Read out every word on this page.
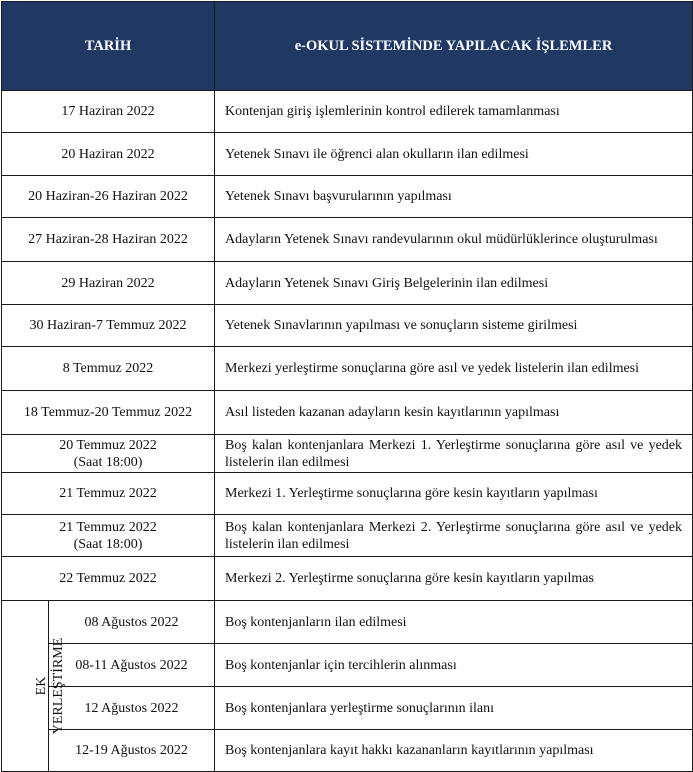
TARİH		e-OKUL SİSTEMİNDE YAPILACAK İŞLEMLER
17 Haziran 2022		Kontenjan giriş işlemlerinin kontrol edilerek tamamlanması
20 Haziran 2022		Yetenek Sınavı ile öğrenci alan okulların ilan edilmesi
20 Haziran-26 Haziran 2022		Yetenek Sınavı başvurularının yapılması
27 Haziran-28 Haziran 2022		Adayların Yetenek Sınavı randevularının okul müdürlüklerince oluşturulması
29 Haziran 2022		Adayların Yetenek Sınavı Giriş Belgelerinin ilan edilmesi
30 Haziran-7 Temmuz 2022		Yetenek Sınavlarının yapılması ve sonuçların sisteme girilmesi
8 Temmuz 2022		Merkezi yerleştirme sonuçlarına göre asıl ve yedek listelerin ilan edilmesi
18 Temmuz-20 Temmuz 2022		Asıl listeden kazanan adayların kesin kayıtlarının yapılması
20 Temmuz 2022
(Saat 18:00)		Boş kalan kontenjanlara Merkezi 1. Yerleştirme sonuçlarına göre asıl ve yedek listelerin ilan edilmesi
21 Temmuz 2022		Merkezi 1. Yerleştirme sonuçlarına göre kesin kayıtların yapılması
21 Temmuz 2022
(Saat 18:00)		Boş kalan kontenjanlara Merkezi 2. Yerleştirme sonuçlarına göre asıl ve yedek listelerin ilan edilmesi
22 Temmuz 2022		Merkezi 2. Yerleştirme sonuçlarına göre kesin kayıtların yapılmas

EK YERLEŞTİRME	08 Ağustos 2022	Boş kontenjanların ilan edilmesi
	08-11 Ağustos 2022	Boş kontenjanlar için tercihlerin alınması
	12 Ağustos 2022	Boş kontenjanlara yerleştirme sonuçlarının ilanı
	12-19 Ağustos 2022	Boş kontenjanlara kayıt hakkı kazananların kayıtlarının yapılması
